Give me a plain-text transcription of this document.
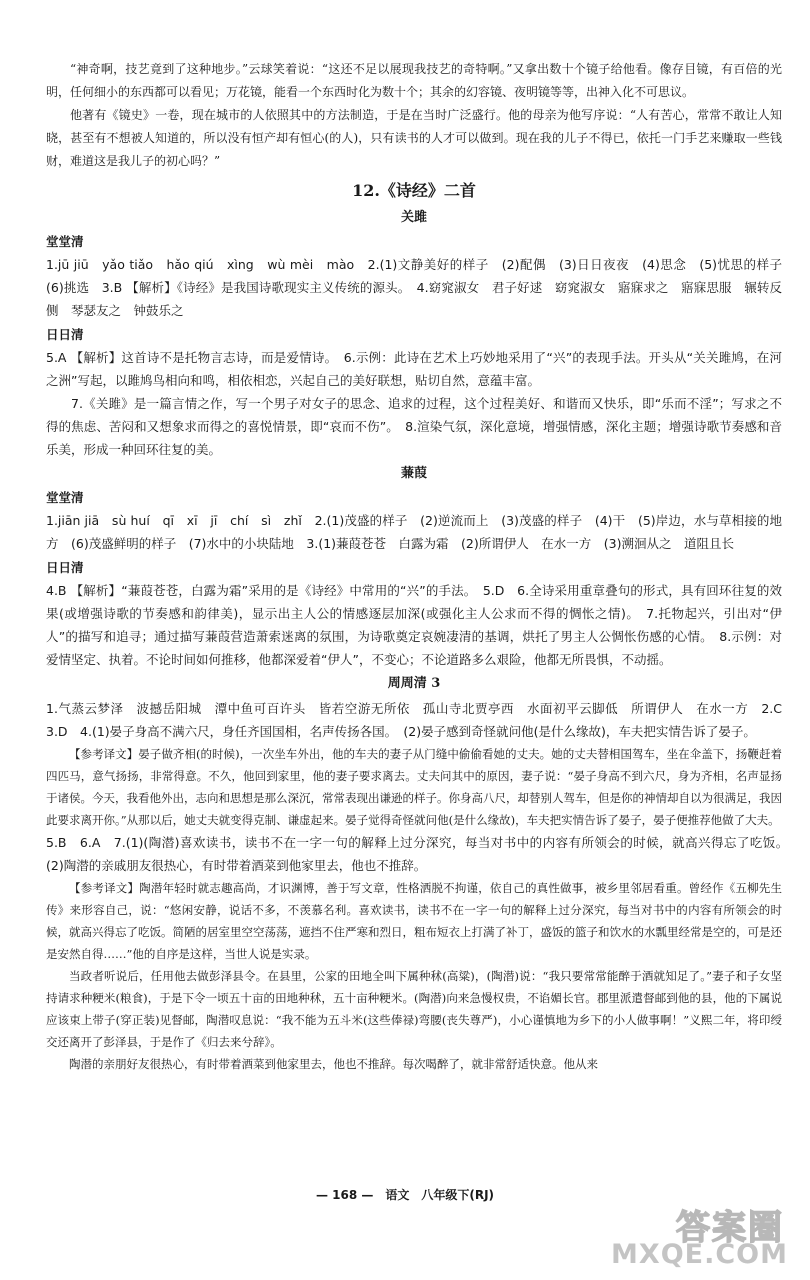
“神奇啊，技艺竟到了这种地步。”云球笑着说：“这还不足以展现我技艺的奇特啊。”又拿出数十个镜子给他看。像存目镜，有百倍的光明，任何细小的东西都可以看见；万花镜，能看一个东西时化为数十个；其余的幻容镜、夜明镜等等，出神入化不可思议。

他著有《镜史》一卷，现在城市的人依照其中的方法制造，于是在当时广泛盛行。他的母亲为他写序说：“人有苦心，常常不敢让人知晓，甚至有不想被人知道的，所以没有恒产却有恒心(的人)，只有读书的人才可以做到。现在我的儿子不得已，依托一门手艺来赚取一些钱财，难道这是我儿子的初心吗？”

12.《诗经》二首
关雎
堂堂清

1.jū jiū　yǎo tiǎo　hǎo qiú　xìng　wù mèi　mào　2.(1)文静美好的样子　(2)配偶　(3)日日夜夜　(4)思念　(5)忧思的样子　(6)挑选　3.B 【解析】《诗经》是我国诗歌现实主义传统的源头。　4.窈窕淑女　君子好逑　窈窕淑女　寤寐求之　寤寐思服　辗转反侧　琴瑟友之　钟鼓乐之

日日清

5.A 【解析】这首诗不是托物言志诗，而是爱情诗。　6.示例：此诗在艺术上巧妙地采用了“兴”的表现手法。开头从“关关雎鸠，在河之洲”写起，以雎鸠鸟相向和鸣，相依相恋，兴起自己的美好联想，贴切自然，意蕴丰富。

7.《关雎》是一篇言情之作，写一个男子对女子的思念、追求的过程，这个过程美好、和谐而又快乐，即“乐而不淫”；写求之不得的焦虑、苦闷和又想象求而得之的喜悦情景，即“哀而不伤”。　8.渲染气氛，深化意境，增强情感，深化主题；增强诗歌节奏感和音乐美，形成一种回环往复的美。

蒹葭
堂堂清

1.jiān jiā　sù huí　qī　xī　jī　chí　sì　zhǐ　2.(1)茂盛的样子　(2)逆流而上　(3)茂盛的样子　(4)干　(5)岸边，水与草相接的地方　(6)茂盛鲜明的样子　(7)水中的小块陆地　3.(1)蒹葭苍苍　白露为霜　(2)所谓伊人　在水一方　(3)溯洄从之　道阻且长

日日清

4.B 【解析】“蒹葭苍苍，白露为霜”采用的是《诗经》中常用的“兴”的手法。　5.D　6.全诗采用重章叠句的形式，具有回环往复的效果(或增强诗歌的节奏感和韵律美)，显示出主人公的情感逐层加深(或强化主人公求而不得的惆怅之情)。　7.托物起兴，引出对“伊人”的描写和追寻；通过描写蒹葭营造萧索迷离的氛围，为诗歌奠定哀婉凄清的基调，烘托了男主人公惆怅伤感的心情。　8.示例：对爱情坚定、执着。不论时间如何推移，他都深爱着“伊人”，不变心；不论道路多么艰险，他都无所畏惧，不动摇。

周周清 3

1.气蒸云梦泽　波撼岳阳城　潭中鱼可百许头　皆若空游无所依　孤山寺北贾亭西　水面初平云脚低　所谓伊人　在水一方　2.C　3.D　4.(1)晏子身高不满六尺，身任齐国国相，名声传扬各国。　(2)晏子感到奇怪就问他(是什么缘故)，车夫把实情告诉了晏子。

【参考译文】晏子做齐相(的时候)，一次坐车外出，他的车夫的妻子从门缝中偷偷看她的丈夫。她的丈夫替相国驾车，坐在伞盖下，扬鞭赶着四匹马，意气扬扬，非常得意。不久，他回到家里，他的妻子要求离去。丈夫问其中的原因，妻子说：“晏子身高不到六尺，身为齐相，名声显扬于诸侯。今天，我看他外出，志向和思想是那么深沉，常常表现出谦逊的样子。你身高八尺，却替别人驾车，但是你的神情却自以为很满足，我因此要求离开你。”从那以后，她丈夫就变得克制、谦虚起来。晏子觉得奇怪就问他(是什么缘故)，车夫把实情告诉了晏子，晏子便推荐他做了大夫。

5.B　6.A　7.(1)(陶潜)喜欢读书，读书不在一字一句的解释上过分深究，每当对书中的内容有所领会的时候，就高兴得忘了吃饭。　(2)陶潜的亲戚朋友很热心，有时带着酒菜到他家里去，他也不推辞。

【参考译文】陶潜年轻时就志趣高尚，才识渊博，善于写文章，性格洒脱不拘谨，依自己的真性做事，被乡里邻居看重。曾经作《五柳先生传》来形容自己，说：“悠闲安静，说话不多，不羡慕名利。喜欢读书，读书不在一字一句的解释上过分深究，每当对书中的内容有所领会的时候，就高兴得忘了吃饭。简陋的居室里空空荡荡，遮挡不住严寒和烈日，粗布短衣上打满了补丁，盛饭的篮子和饮水的水瓢里经常是空的，可是还是安然自得……”他的自序是这样，当世人说是实录。

当政者听说后，任用他去做彭泽县令。在县里，公家的田地全叫下属种秫(高粱)，(陶潜)说：“我只要常常能醉于酒就知足了。”妻子和子女坚持请求种粳米(粮食)，于是下令一顷五十亩的田地种秫，五十亩种粳米。(陶潜)向来急慢权贵，不谄媚长官。郡里派遣督邮到他的县，他的下属说应该束上带子(穿正装)见督邮，陶潜叹息说：“我不能为五斗米(这些俸禄)弯腰(丧失尊严)，小心谨慎地为乡下的小人做事啊！”义熙二年，将印绶交还离开了彭泽县，于是作了《归去来兮辞》。

陶潜的亲朋好友很热心，有时带着酒菜到他家里去，他也不推辞。每次喝醉了，就非常舒适快意。他从来

— 168 —　语文　八年级下(RJ)
答案圈
MXQE.COM
